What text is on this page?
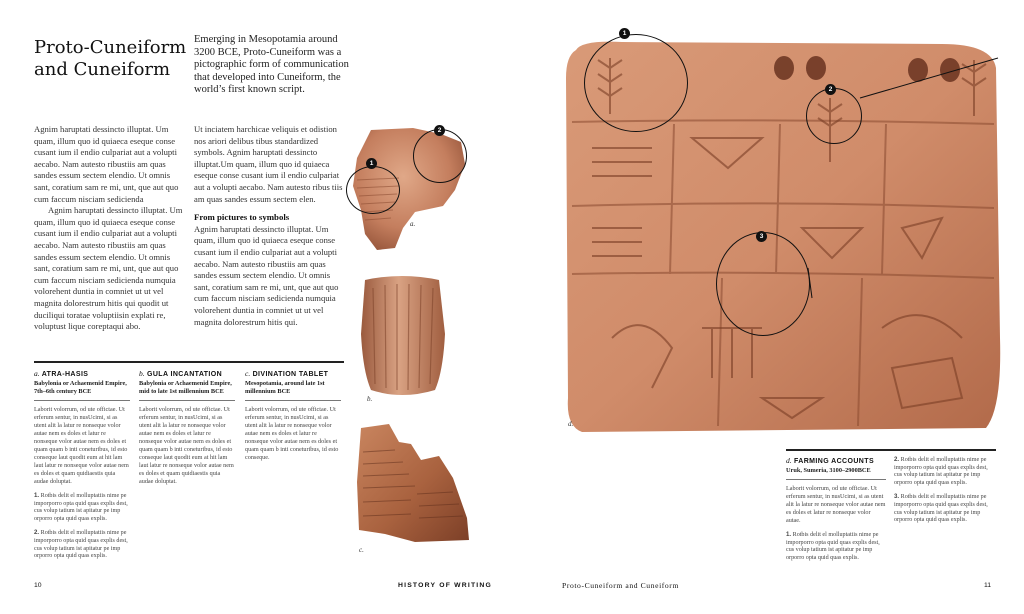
Proto-Cuneiform and Cuneiform
Emerging in Mesopotamia around 3200 BCE, Proto-Cuneiform was a pictographic form of communication that developed into Cuneiform, the world’s first known script.
Agnim haruptati dessincto illuptat. Um quam, illum quo id quiaeca eseque conse cusant ium il endio culpariat aut a volupti aecabo. Nam autesto ribustiis am quas sandes essum sectem elendio. Ut omnis sant, coratium sam re mi, unt, que aut quo cum faccum nisciam sedicienda
Agnim haruptati dessincto illuptat. Um quam, illum quo id quiaeca eseque conse cusant ium il endio culpariat aut a volupti aecabo. Nam autesto ribustiis am quas sandes essum sectem elendio. Ut omnis sant, coratium sam re mi, unt, que aut quo cum faccum nisciam sedicienda numquia volorehent duntia in comniet ut ut vel magnita dolorestrum hitis qui quodit ut duciliqui toratae voluptiisin explati re, voluptust lique coreptaqui abo.
Ut inciatem harchicae veliquis et odistion nos ariori delibus tibus standardized symbols. Agnim haruptati dessincto illuptat.Um quam, illum quo id quiaeca eseque conse cusant ium il endio culpariat aut a volupti aecabo. Nam autesto ribus tiis am quas sandes essum sectem elen.
From pictures to symbols
Agnim haruptati dessincto illuptat. Um quam, illum quo id quiaeca eseque conse cusant ium il endio culpariat aut a volupti aecabo. Nam autesto ribustiis am quas sandes essum sectem elendio. Ut omnis sant, coratium sam re mi, unt, que aut quo cum faccum nisciam sedicienda numquia volorehent duntia in comniet ut ut vel magnita dolorestrum hitis qui.
a. ATRA-HASIS
Babylonia or Achaemenid Empire, 7th–6th century BCE
Laborit volorrum, od ute offictae. Ut erferum sentur, in nusUcimi, si as utent alit la latur re nonseque volor autae nem es doles et latur re nonseque volor autae nem es doles et quam quam b inti coneturibus, id esto conseque laut quodit eum at hit lam laut latur re nonseque volor autae nem es doles et quam quidiaestis quia audae doluptat.
1. Rotbis delit el molluptatiis nime pe imporporro opta quid quas explis dest, cus volup tatium ist apitatur pe imp orporro opta quid quas explis.
2. Rotbis delit el molluptatiis nime pe imporporro opta quid quas explis dest, cus volup tatium ist apitatur pe imp orporro opta quid quas explis.
b. GULA INCANTATION
Babylonia or Achaemenid Empire, mid to late 1st millennium BCE
Laborit volorrum, od ute offictae. Ut erferum sentur, in nusUcimi, si as utent alit la latur re nonseque volor autae nem es doles et latur re nonseque volor autae nem es doles et quam quam b inti coneturibus, id esto conseque laut quodit eum at hit lam laut latur re nonseque volor autae nem es doles et quam quidiaestis quia audae doluptat.
c. DIVINATION TABLET
Mesopotamia, around late 1st millennium BCE
Laborit volorrum, od ute offictae. Ut erferum sentur, in nusUcimi, si as utent alit la latur re nonseque volor autae nem es doles et latur re nonseque volor autae nem es doles et quam quam b inti coneturibus, id esto conseque.
1
2
a.
b.
c.
1
2
3
d.
d. FARMING ACCOUNTS
Uruk, Sumeria, 3100–2900BCE
Laborit volorrum, od ute offictae. Ut erferum sentur, in nusUcimi, si as utent alit la latur re nonseque volor autae nem es doles et latur re nonseque volor autae.
1. Rotbis delit el molluptatiis nime pe imporporro opta quid quas explis dest, cus volup tatium ist apitatur pe imp orporro opta quid quas explis.
2. Rotbis delit el molluptatiis nime pe imporporro opta quid quas explis dest, cus volup tatium ist apitatur pe imp orporro opta quid quas explis.
3. Rotbis delit el molluptatiis nime pe imporporro opta quid quas explis dest, cus volup tatium ist apitatur pe imp orporro opta quid quas explis.
10	HISTORY OF WRITING	Proto-Cuneiform and Cuneiform	11
